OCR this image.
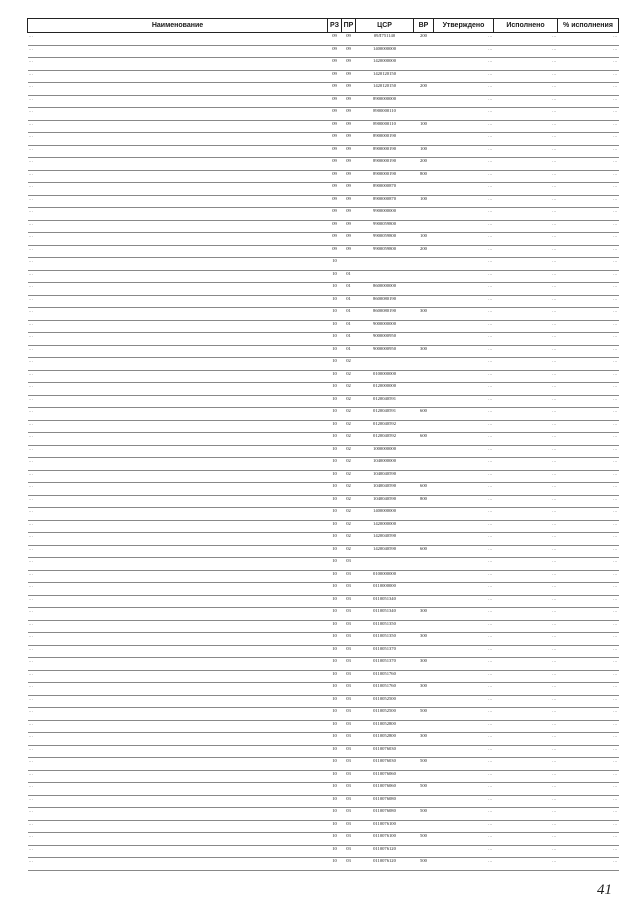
Наименование	РЗ	ПР	ЦСР	ВР	Утверждено	Исполнено	% исполнения
…	09	09	09Л751140	200	…	…	…
…	09	09	1400000000		…	…	…
…	09	09	1420000000		…	…	…
…	09	09	1420120150		…	…	…
…	09	09	1420120150	200	…	…	…
…	09	09	8900000000		…	…	…
…	09	09	8900000110		…	…	…
…	09	09	8900000110	100	…	…	…
…	09	09	8900000190		…	…	…
…	09	09	8900000190	100	…	…	…
…	09	09	8900000190	200	…	…	…
…	09	09	8900000190	800	…	…	…
…	09	09	8900000870		…	…	…
…	09	09	8900000870	100	…	…	…
…	09	09	9900000000		…	…	…
…	09	09	9900059800		…	…	…
…	09	09	9900059800	100	…	…	…
…	09	09	9900059800	200	…	…	…
…	10				…	…	…
…	10	01			…	…	…
…	10	01	8600000000		…	…	…
…	10	01	8600080190		…	…	…
…	10	01	8600080190	300	…	…	…
…	10	01	9000000000		…	…	…
…	10	01	9000000950		…	…	…
…	10	01	9000000950	300	…	…	…
…	10	02			…	…	…
…	10	02	0100000000		…	…	…
…	10	02	0120000000		…	…	…
…	10	02	0120040591		…	…	…
…	10	02	0120040591	600	…	…	…
…	10	02	0120040592		…	…	…
…	10	02	0120040592	600	…	…	…
…	10	02	1000000000		…	…	…
…	10	02	1040000000		…	…	…
…	10	02	1040040590		…	…	…
…	10	02	1040040590	600	…	…	…
…	10	02	1040040590	800	…	…	…
…	10	02	1400000000		…	…	…
…	10	02	1420000000		…	…	…
…	10	02	1420040590		…	…	…
…	10	02	1420040590	600	…	…	…
…	10	03			…	…	…
…	10	03	0100000000		…	…	…
…	10	03	0110000000		…	…	…
…	10	03	0110051340		…	…	…
…	10	03	0110051340	300	…	…	…
…	10	03	0110051350		…	…	…
…	10	03	0110051350	300	…	…	…
…	10	03	0110051370		…	…	…
…	10	03	0110051370	300	…	…	…
…	10	03	0110051760		…	…	…
…	10	03	0110051760	300	…	…	…
…	10	03	0110052500		…	…	…
…	10	03	0110052500	500	…	…	…
…	10	03	0110052800		…	…	…
…	10	03	0110052800	300	…	…	…
…	10	03	0110076030		…	…	…
…	10	03	0110076030	500	…	…	…
…	10	03	0110076060		…	…	…
…	10	03	0110076060	500	…	…	…
…	10	03	0110076080		…	…	…
…	10	03	0110076080	500	…	…	…
…	10	03	0110076100		…	…	…
…	10	03	0110076100	500	…	…	…
…	10	03	0110076120		…	…	…
…	10	03	0110076120	500	…	…	…
41
